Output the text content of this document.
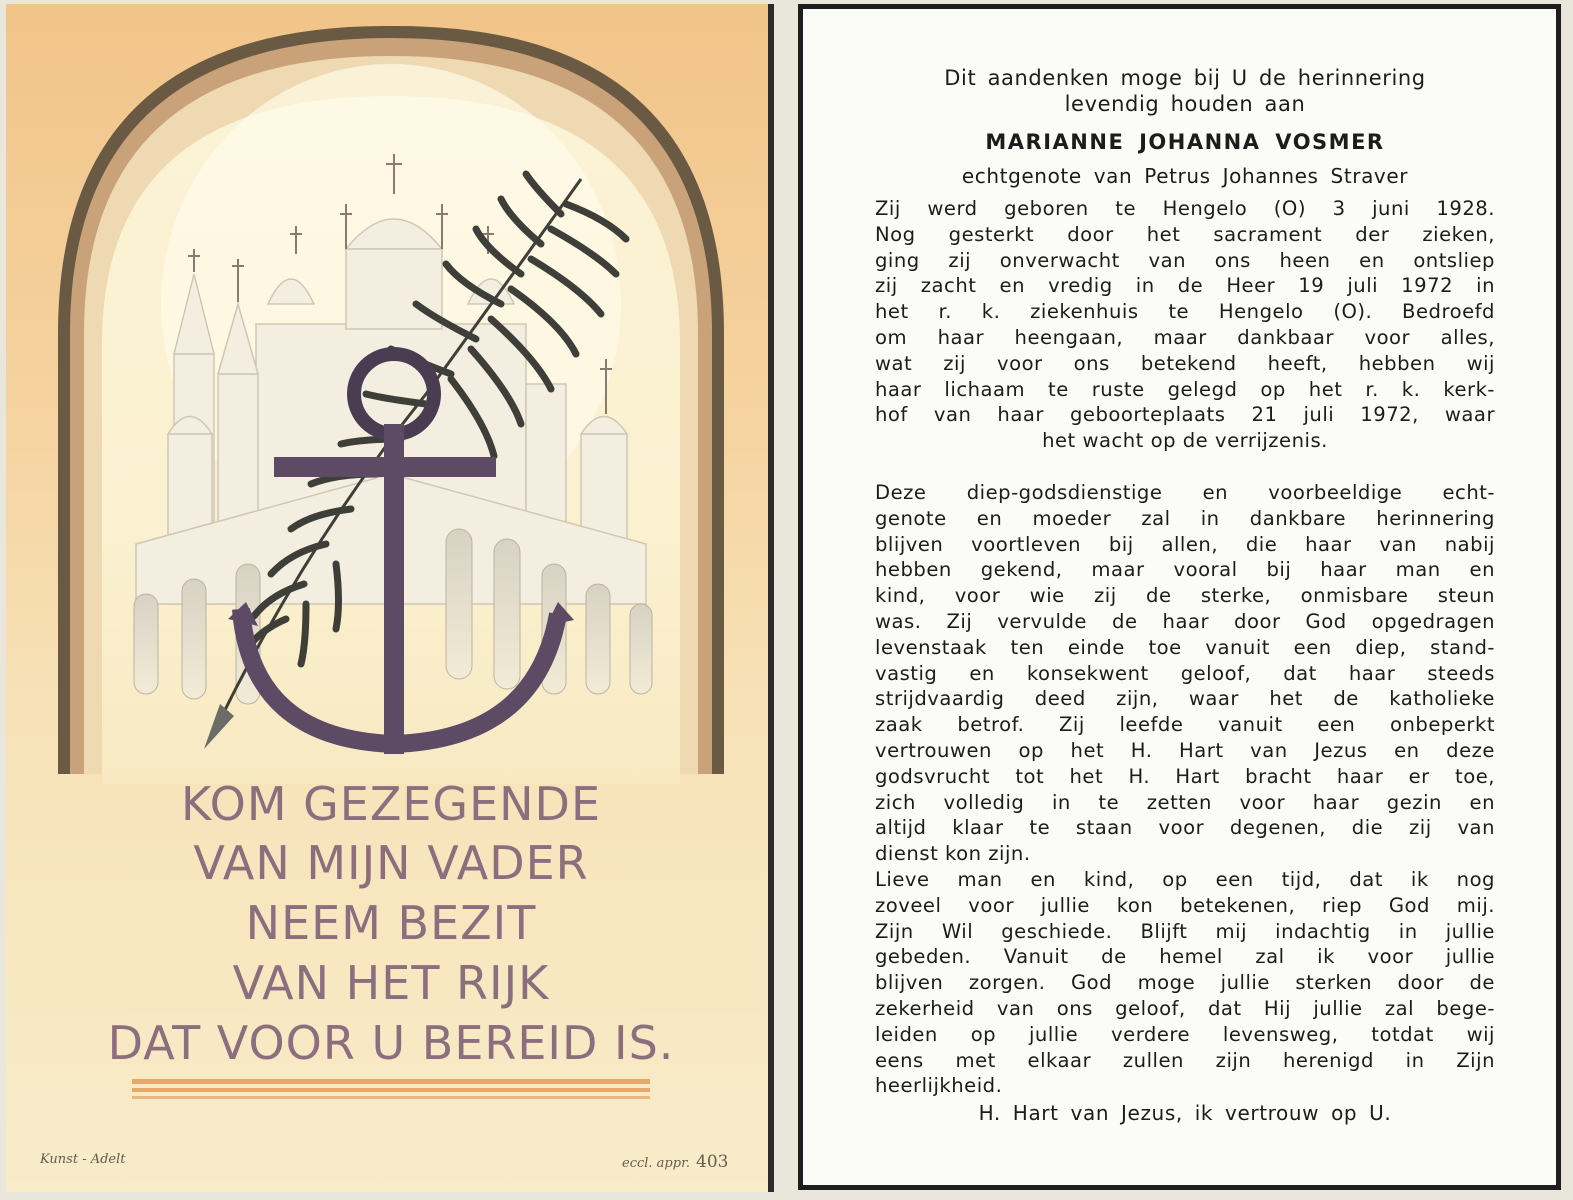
KOM GEZEGENDE
VAN MIJN VADER
NEEM BEZIT
VAN HET RIJK
DAT VOOR U BEREID IS.
Kunst - Adelt	eccl. appr. 403
Dit aandenken moge bij U de herinnering
levendig houden aan
MARIANNE JOHANNA VOSMER
echtgenote van Petrus Johannes Straver
Zij werd geboren te Hengelo (O) 3 juni 1928.
Nog gesterkt door het sacrament der zieken,
ging zij onverwacht van ons heen en ontsliep
zij zacht en vredig in de Heer 19 juli 1972 in
het r. k. ziekenhuis te Hengelo (O). Bedroefd
om haar heengaan, maar dankbaar voor alles,
wat zij voor ons betekend heeft, hebben wij
haar lichaam te ruste gelegd op het r. k. kerk-
hof van haar geboorteplaats 21 juli 1972, waar
het wacht op de verrijzenis.
Deze diep-godsdienstige en voorbeeldige echt-
genote en moeder zal in dankbare herinnering
blijven voortleven bij allen, die haar van nabij
hebben gekend, maar vooral bij haar man en
kind, voor wie zij de sterke, onmisbare steun
was. Zij vervulde de haar door God opgedragen
levenstaak ten einde toe vanuit een diep, stand-
vastig en konsekwent geloof, dat haar steeds
strijdvaardig deed zijn, waar het de katholieke
zaak betrof. Zij leefde vanuit een onbeperkt
vertrouwen op het H. Hart van Jezus en deze
godsvrucht tot het H. Hart bracht haar er toe,
zich volledig in te zetten voor haar gezin en
altijd klaar te staan voor degenen, die zij van
dienst kon zijn.
Lieve man en kind, op een tijd, dat ik nog
zoveel voor jullie kon betekenen, riep God mij.
Zijn Wil geschiede. Blijft mij indachtig in jullie
gebeden. Vanuit de hemel zal ik voor jullie
blijven zorgen. God moge jullie sterken door de
zekerheid van ons geloof, dat Hij jullie zal bege-
leiden op jullie verdere levensweg, totdat wij
eens met elkaar zullen zijn herenigd in Zijn
heerlijkheid.
H. Hart van Jezus, ik vertrouw op U.
